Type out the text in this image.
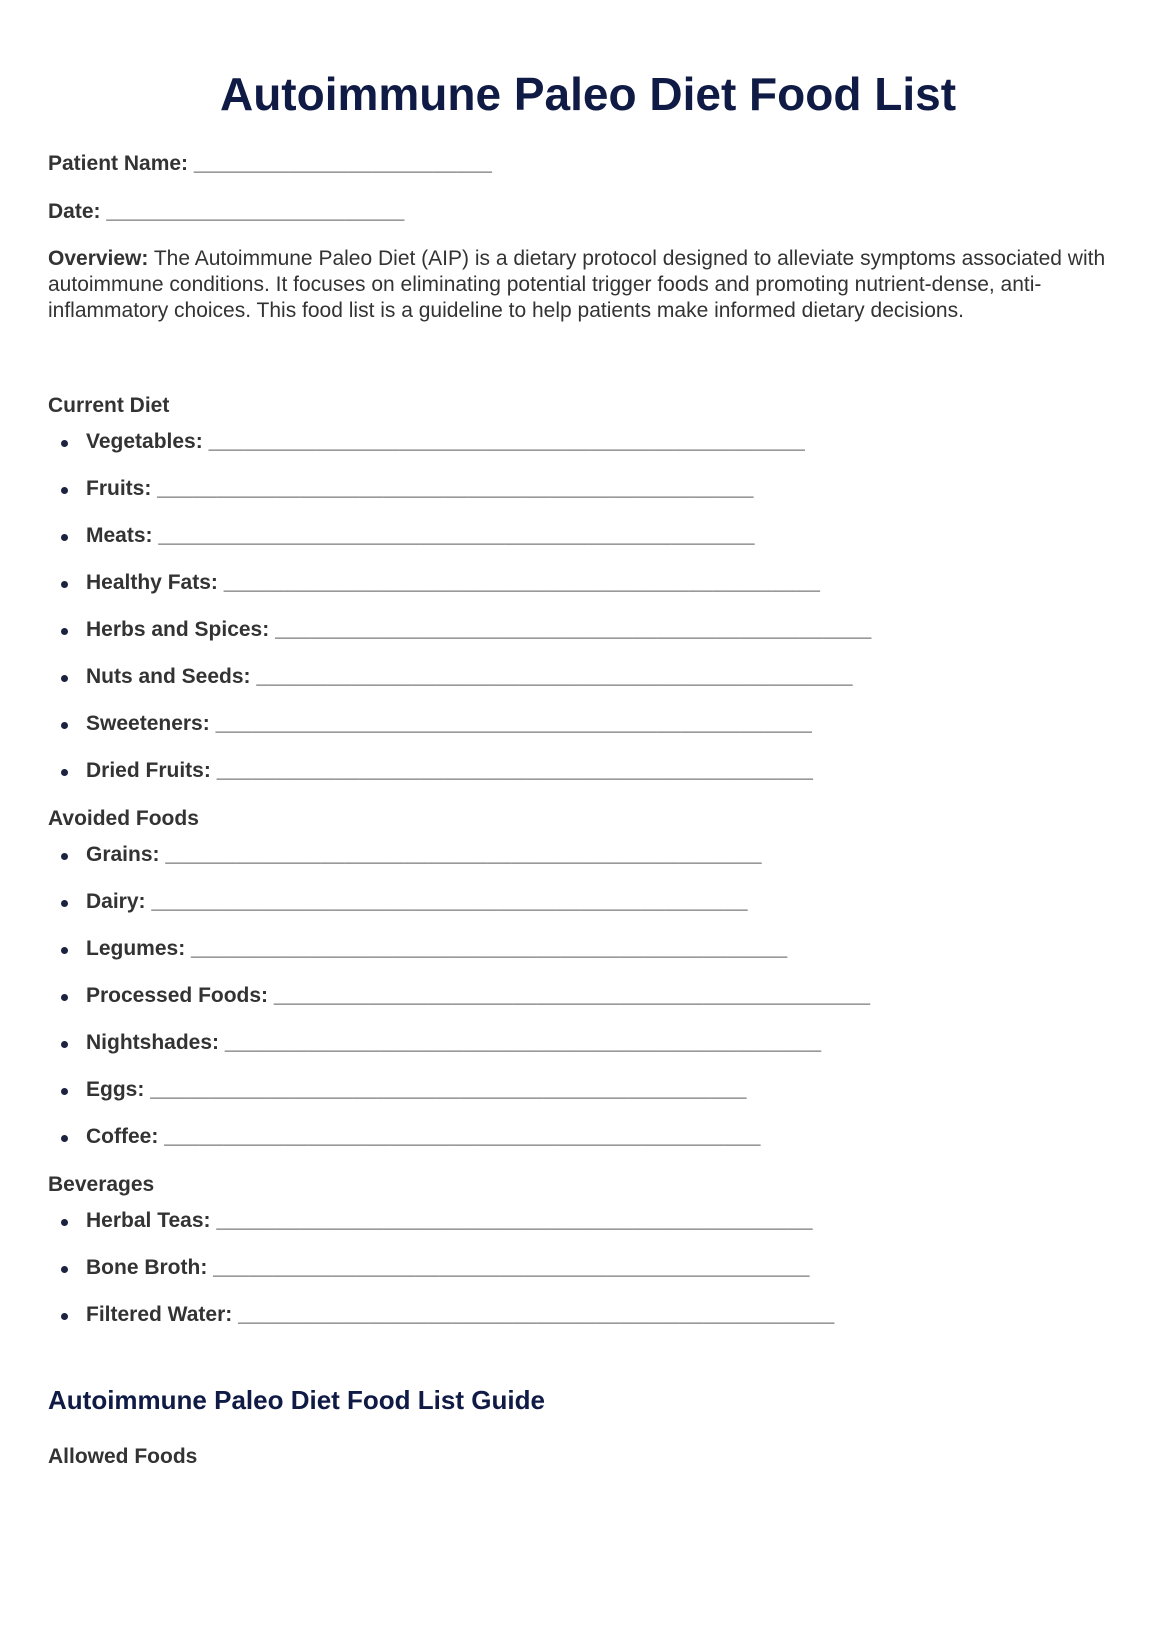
Autoimmune Paleo Diet Food List

Patient Name: _________________________

Date: _________________________

Overview: The Autoimmune Paleo Diet (AIP) is a dietary protocol designed to alleviate symptoms associated with autoimmune conditions. It focuses on eliminating potential trigger foods and promoting nutrient-dense, anti-inflammatory choices. This food list is a guideline to help patients make informed dietary decisions.

Current Diet
Vegetables: __________________________________________________
Fruits: __________________________________________________
Meats: __________________________________________________
Healthy Fats: __________________________________________________
Herbs and Spices: __________________________________________________
Nuts and Seeds: __________________________________________________
Sweeteners: __________________________________________________
Dried Fruits: __________________________________________________
Avoided Foods
Grains: __________________________________________________
Dairy: __________________________________________________
Legumes: __________________________________________________
Processed Foods: __________________________________________________
Nightshades: __________________________________________________
Eggs: __________________________________________________
Coffee: __________________________________________________
Beverages
Herbal Teas: __________________________________________________
Bone Broth: __________________________________________________
Filtered Water: __________________________________________________
Autoimmune Paleo Diet Food List Guide
Allowed Foods
